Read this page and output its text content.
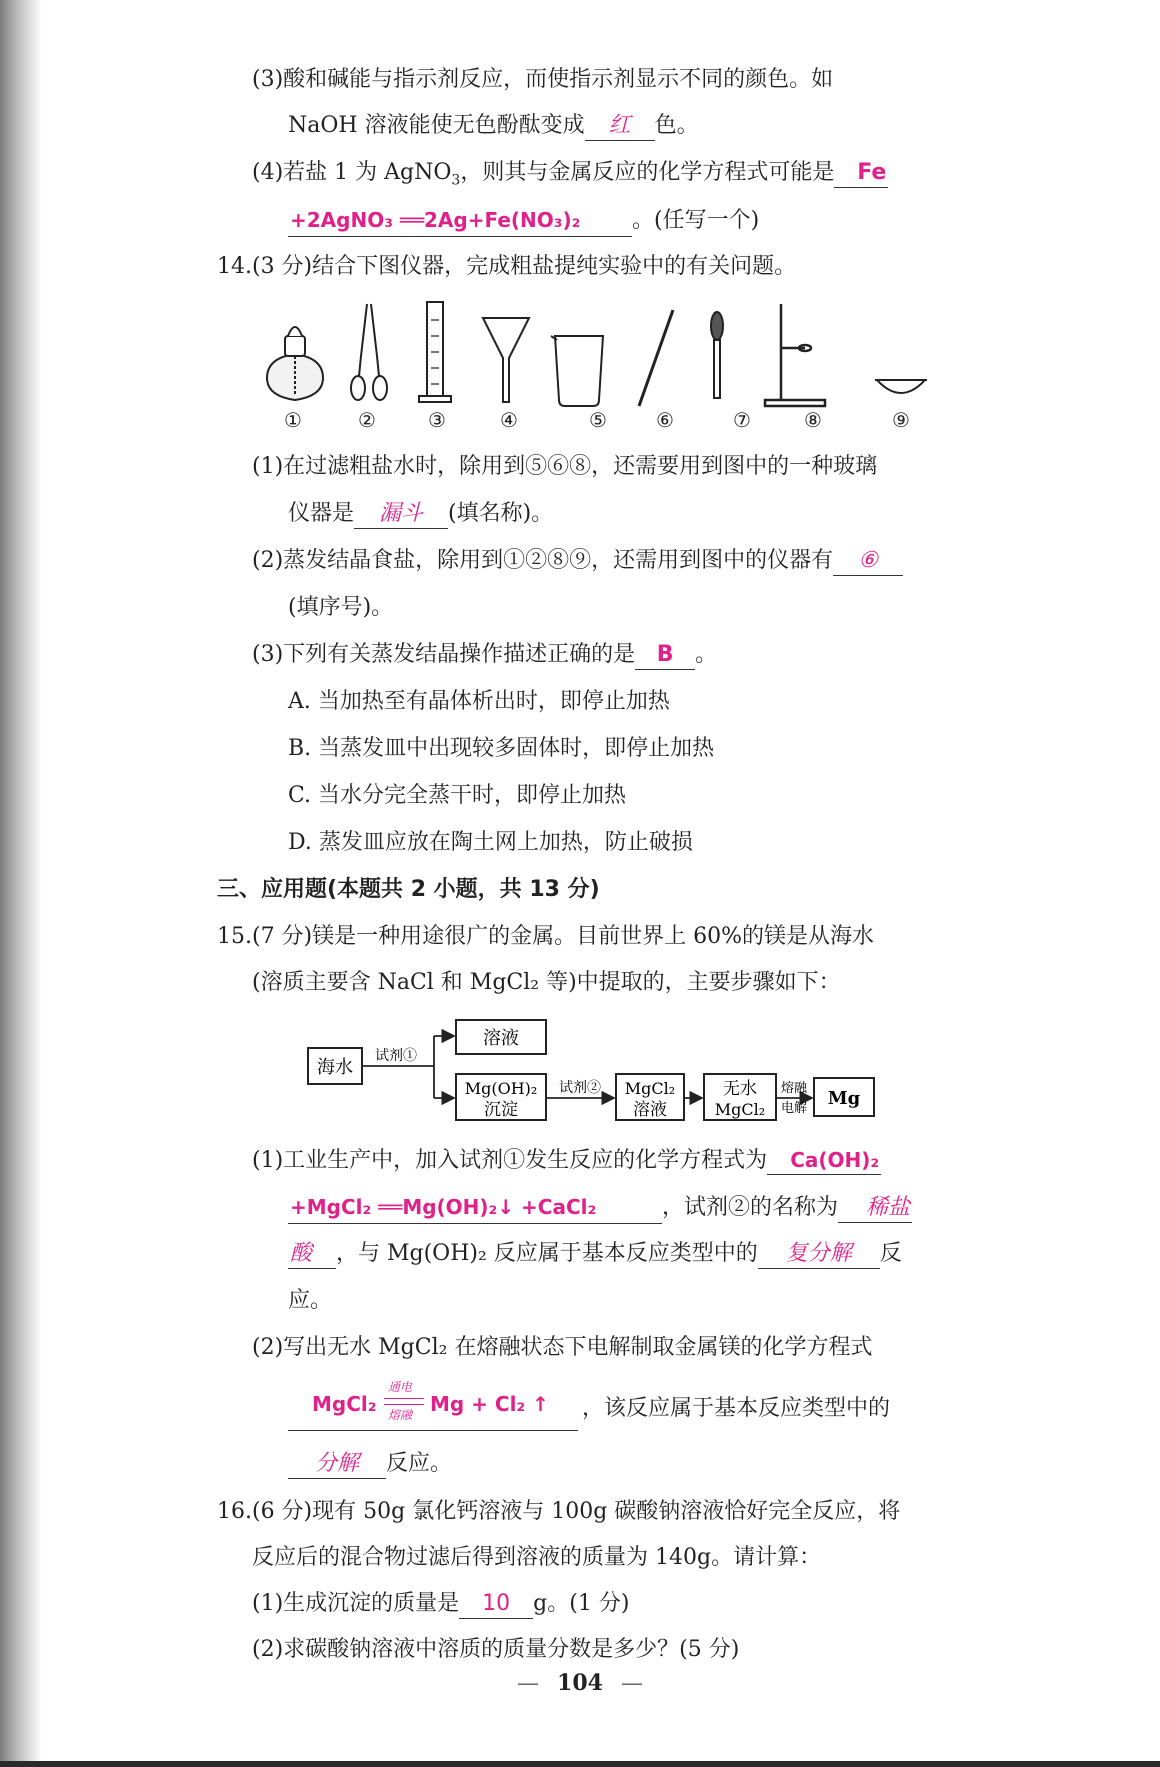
(3)酸和碱能与指示剂反应，而使指示剂显示不同的颜色。如
NaOH 溶液能使无色酚酞变成 红 色。
(4)若盐 1 为 AgNO$_3$，则其与金属反应的化学方程式可能是 Fe
+2AgNO₃ ══2Ag+Fe(NO₃)₂ 。(任写一个)
14.(3 分)结合下图仪器，完成粗盐提纯实验中的有关问题。
①	②	③	④	⑤ ⑥	⑦	⑧	⑨
(1)在过滤粗盐水时，除用到⑤⑥⑧，还需要用到图中的一种玻璃
仪器是 漏斗 (填名称)。
(2)蒸发结晶食盐，除用到①②⑧⑨，还需用到图中的仪器有 ⑥
(填序号)。
(3)下列有关蒸发结晶操作描述正确的是 B 。
A. 当加热至有晶体析出时，即停止加热
B. 当蒸发皿中出现较多固体时，即停止加热
C. 当水分完全蒸干时，即停止加热
D. 蒸发皿应放在陶土网上加热，防止破损
三、应用题(本题共 2 小题，共 13 分)
15.(7 分)镁是一种用途很广的金属。目前世界上 60%的镁是从海水
(溶质主要含 NaCl 和 MgCl₂ 等)中提取的，主要步骤如下：
海水
试剂①
溶液
Mg(OH)₂
沉淀
试剂② MgCl₂
溶液
无水
MgCl₂
熔融
电解 Mg
(1)工业生产中，加入试剂①发生反应的化学方程式为 Ca(OH)₂
+MgCl₂ ══Mg(OH)₂↓ +CaCl₂	，试剂②的名称为 稀盐
酸 ，与 Mg(OH)₂ 反应属于基本反应类型中的 复分解 反
应。
(2)写出无水 MgCl₂ 在熔融状态下电解制取金属镁的化学方程式
MgCl₂
通电
熔融 Mg + Cl₂ ↑ ，该反应属于基本反应类型中的
分解 反应。
16.(6 分)现有 50g 氯化钙溶液与 100g 碳酸钠溶液恰好完全反应，将
反应后的混合物过滤后得到溶液的质量为 140g。请计算：
(1)生成沉淀的质量是 10 g。(1 分)
(2)求碳酸钠溶液中溶质的质量分数是多少？(5 分)
— 104 —
